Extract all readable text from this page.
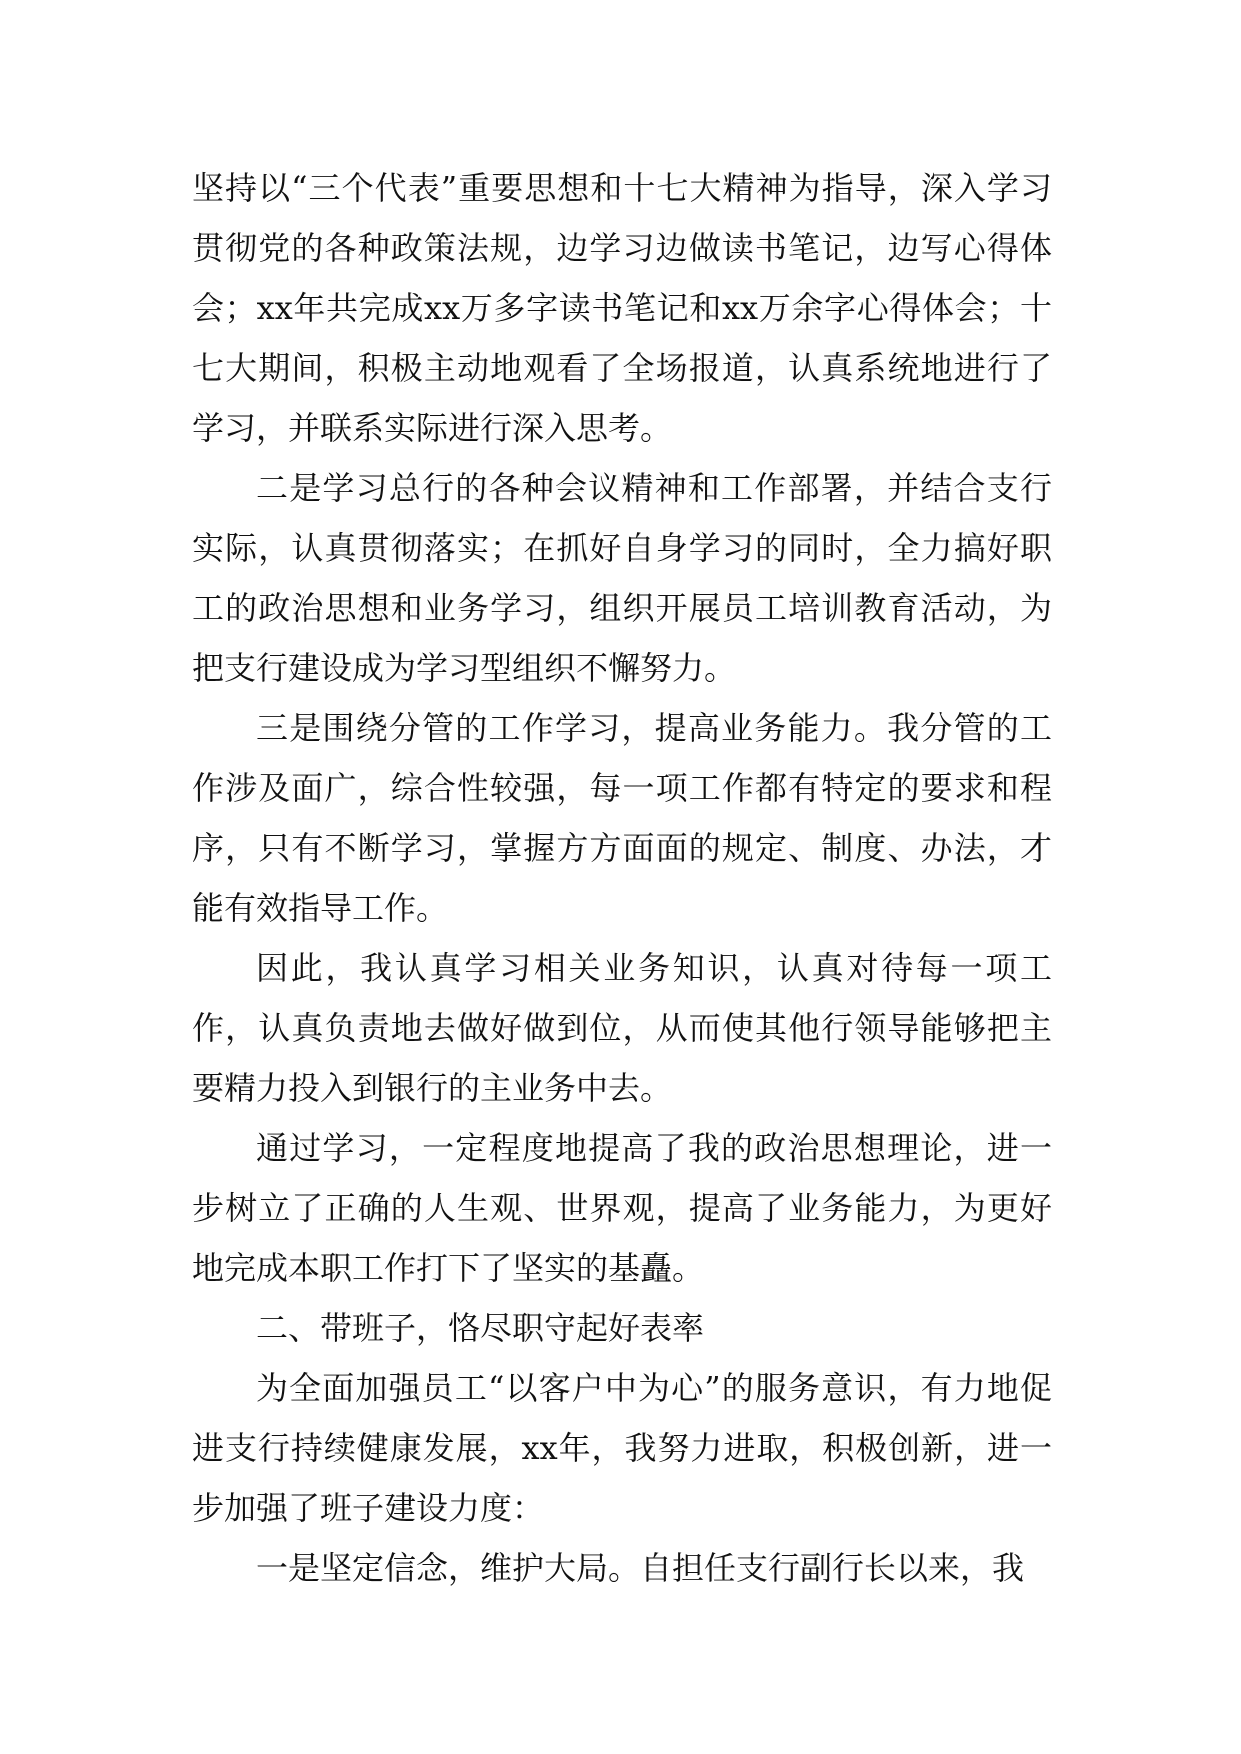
坚持以“三个代表”重要思想和十七大精神为指导，深入学习贯彻党的各种政策法规，边学习边做读书笔记，边写心得体会；xx年共完成xx万多字读书笔记和xx万余字心得体会；十七大期间，积极主动地观看了全场报道，认真系统地进行了学习，并联系实际进行深入思考。

二是学习总行的各种会议精神和工作部署，并结合支行实际，认真贯彻落实；在抓好自身学习的同时，全力搞好职工的政治思想和业务学习，组织开展员工培训教育活动，为把支行建设成为学习型组织不懈努力。

三是围绕分管的工作学习，提高业务能力。我分管的工作涉及面广，综合性较强，每一项工作都有特定的要求和程序，只有不断学习，掌握方方面面的规定、制度、办法，才能有效指导工作。

因此，我认真学习相关业务知识，认真对待每一项工作，认真负责地去做好做到位，从而使其他行领导能够把主要精力投入到银行的主业务中去。

通过学习，一定程度地提高了我的政治思想理论，进一步树立了正确的人生观、世界观，提高了业务能力，为更好地完成本职工作打下了坚实的基矗。

二、带班子，恪尽职守起好表率

为全面加强员工“以客户中为心”的服务意识，有力地促进支行持续健康发展，xx年，我努力进取，积极创新，进一步加强了班子建设力度：

一是坚定信念，维护大局。自担任支行副行长以来，我
